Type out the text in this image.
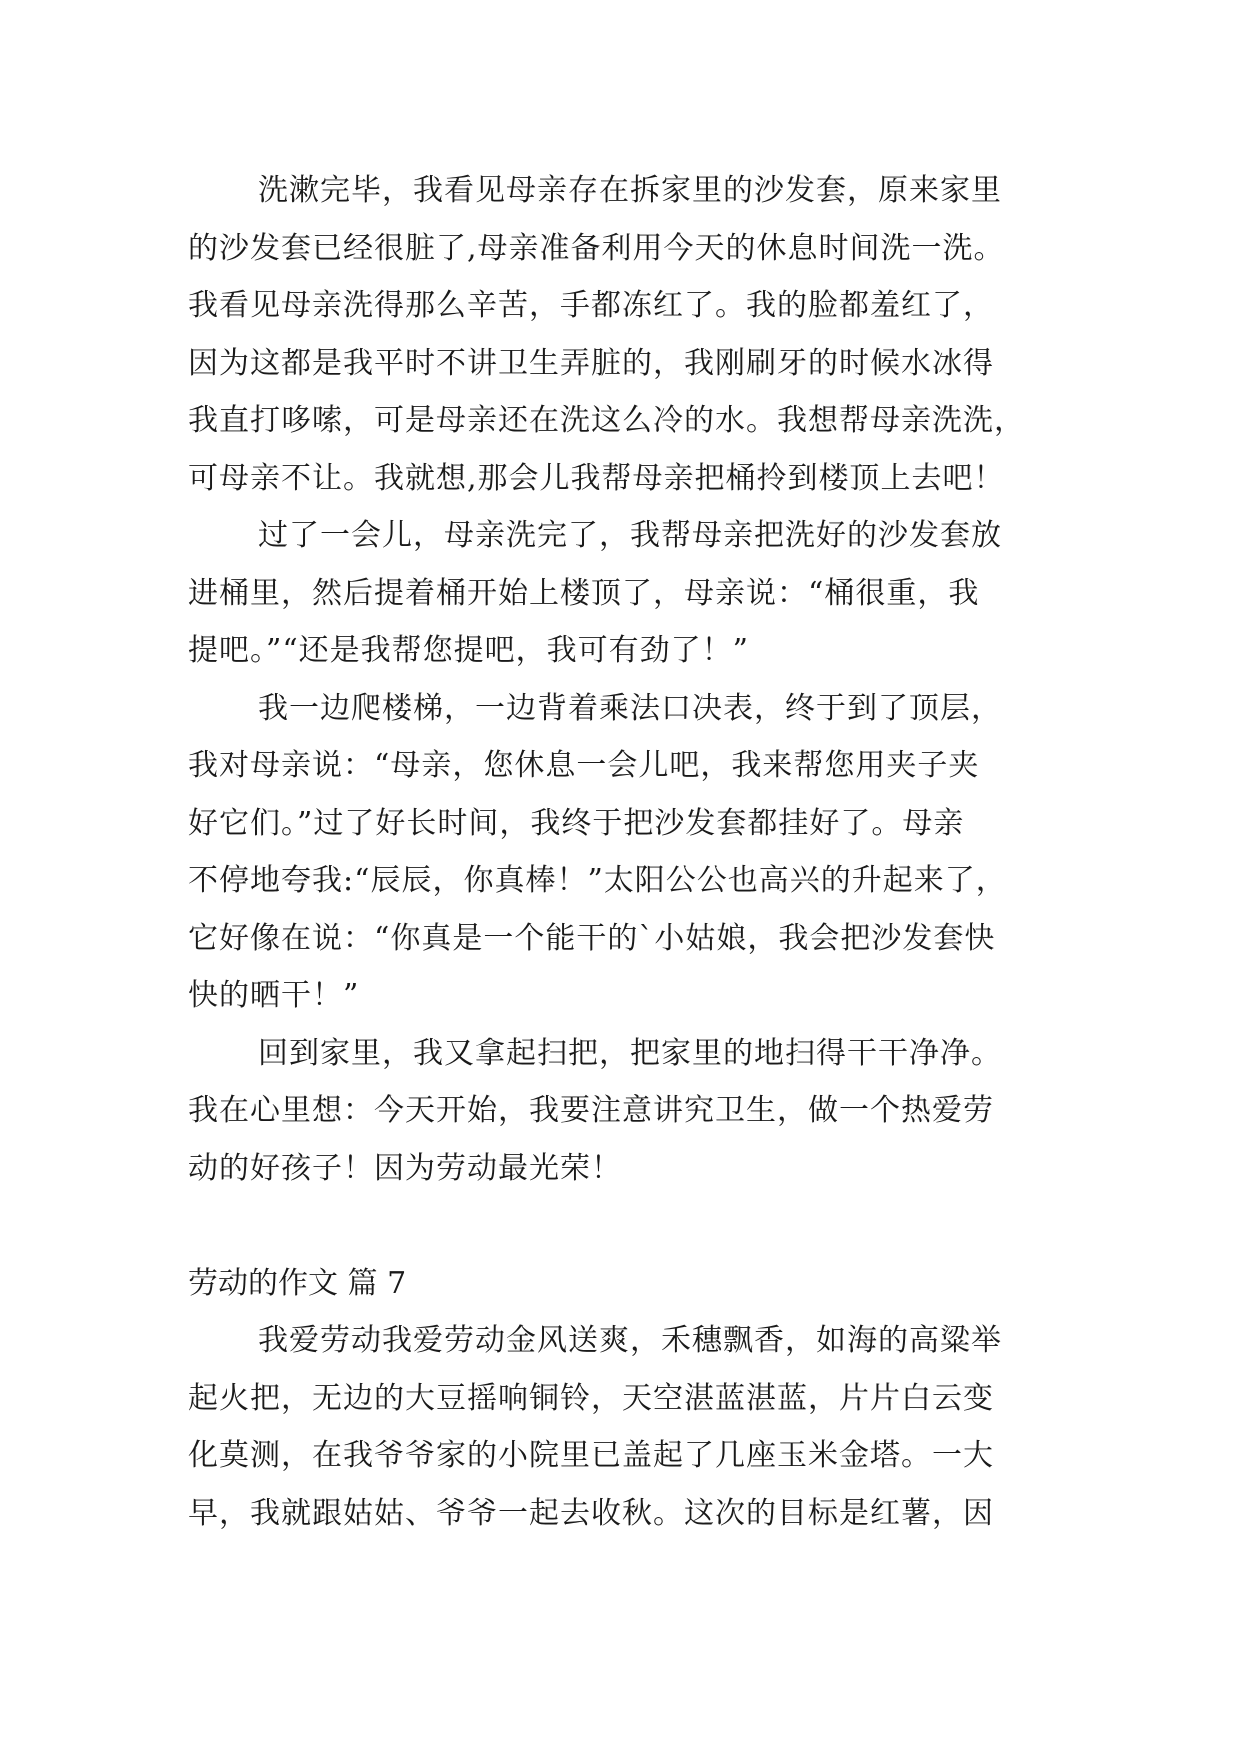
洗漱完毕，我看见母亲存在拆家里的沙发套，原来家里
的沙发套已经很脏了,母亲准备利用今天的休息时间洗一洗。
我看见母亲洗得那么辛苦，手都冻红了。我的脸都羞红了，
因为这都是我平时不讲卫生弄脏的，我刚刷牙的时候水冰得
我直打哆嗦，可是母亲还在洗这么冷的水。我想帮母亲洗洗，
可母亲不让。我就想,那会儿我帮母亲把桶拎到楼顶上去吧！
过了一会儿，母亲洗完了，我帮母亲把洗好的沙发套放
进桶里，然后提着桶开始上楼顶了，母亲说：“桶很重，我
提吧。”“还是我帮您提吧，我可有劲了！”
我一边爬楼梯，一边背着乘法口决表，终于到了顶层，
我对母亲说：“母亲，您休息一会儿吧，我来帮您用夹子夹
好它们。”过了好长时间，我终于把沙发套都挂好了。母亲
不停地夸我:“辰辰，你真棒！”太阳公公也高兴的升起来了，
它好像在说：“你真是一个能干的`小姑娘，我会把沙发套快
快的晒干！”
回到家里，我又拿起扫把，把家里的地扫得干干净净。
我在心里想：今天开始，我要注意讲究卫生，做一个热爱劳
动的好孩子！因为劳动最光荣！
劳动的作文 篇 7
我爱劳动我爱劳动金风送爽，禾穗飘香，如海的高粱举
起火把，无边的大豆摇响铜铃，天空湛蓝湛蓝，片片白云变
化莫测，在我爷爷家的小院里已盖起了几座玉米金塔。一大
早，我就跟姑姑、爷爷一起去收秋。这次的目标是红薯，因
